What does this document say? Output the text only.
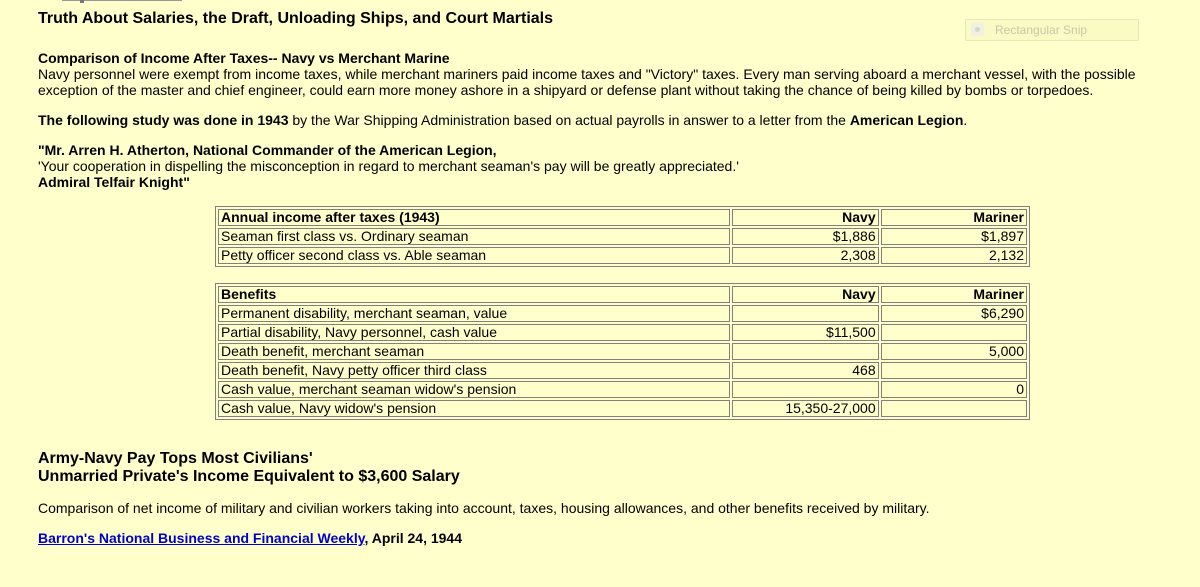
Rectangular Snip
Truth About Salaries, the Draft, Unloading Ships, and Court Martials
Comparison of Income After Taxes-- Navy vs Merchant Marine

Navy personnel were exempt from income taxes, while merchant mariners paid income taxes and "Victory" taxes. Every man serving aboard a merchant vessel, with the possible exception of the master and chief engineer, could earn more money ashore in a shipyard or defense plant without taking the chance of being killed by bombs or torpedoes.

The following study was done in 1943 by the War Shipping Administration based on actual payrolls in answer to a letter from the American Legion.

"Mr. Arren H. Atherton, National Commander of the American Legion,

'Your cooperation in dispelling the misconception in regard to merchant seaman's pay will be greatly appreciated.'

Admiral Telfair Knight"

Annual income after taxes (1943)	Navy	Mariner
Seaman first class vs. Ordinary seaman	$1,886	$1,897
Petty officer second class vs. Able seaman	2,308	2,132
Benefits	Navy	Mariner
Permanent disability, merchant seaman, value		$6,290
Partial disability, Navy personnel, cash value	$11,500	
Death benefit, merchant seaman		5,000
Death benefit, Navy petty officer third class	468	
Cash value, merchant seaman widow's pension		0
Cash value, Navy widow's pension	15,350-27,000	
Army-Navy Pay Tops Most Civilians'
Unmarried Private's Income Equivalent to $3,600 Salary

Comparison of net income of military and civilian workers taking into account, taxes, housing allowances, and other benefits received by military.

Barron's National Business and Financial Weekly, April 24, 1944
